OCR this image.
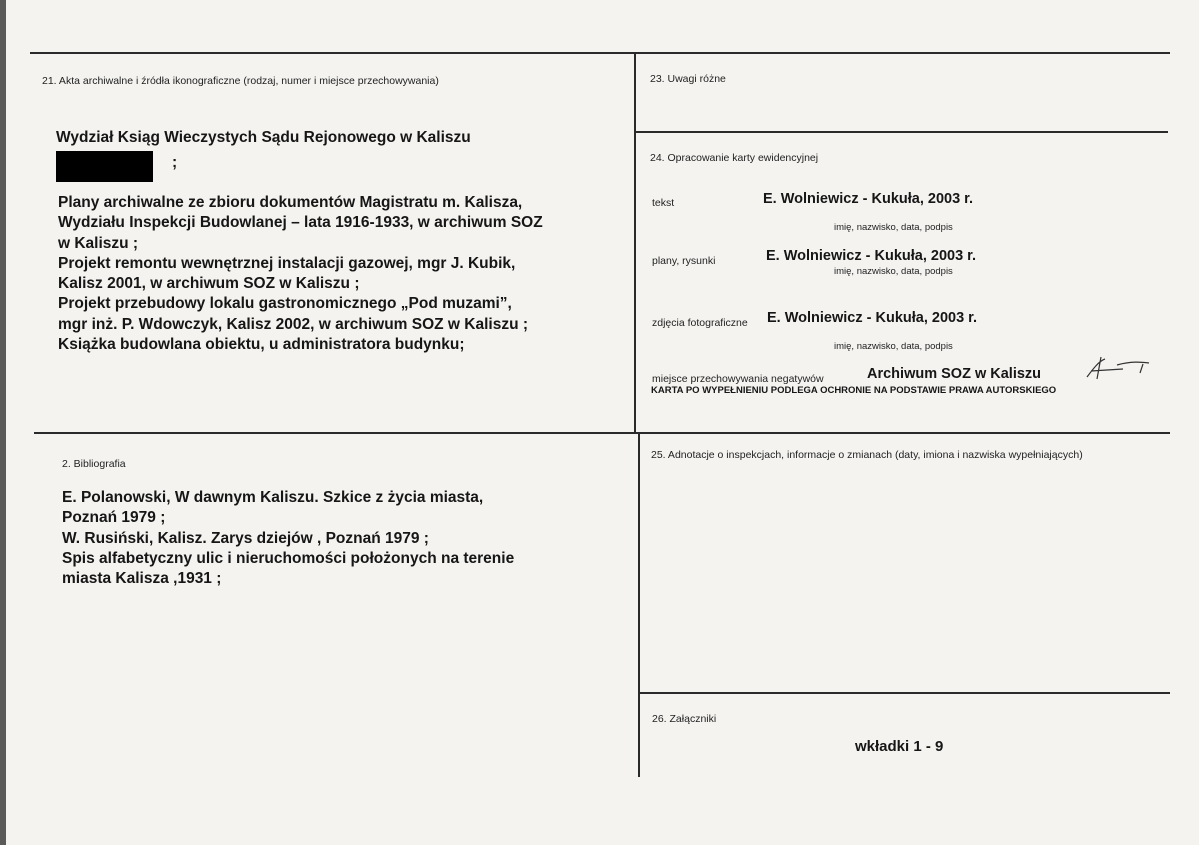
21. Akta archiwalne i źródła ikonograficzne (rodzaj, numer i miejsce przechowywania)
Wydział Ksiąg Wieczystych Sądu Rejonowego w Kaliszu
;
Plany archiwalne ze zbioru dokumentów Magistratu m. Kalisza,
Wydziału Inspekcji Budowlanej – lata 1916-1933, w archiwum SOZ
w Kaliszu ;
Projekt remontu wewnętrznej instalacji gazowej, mgr J. Kubik,
Kalisz 2001, w archiwum SOZ w Kaliszu ;
Projekt przebudowy lokalu gastronomicznego „Pod muzami”,
mgr inż. P. Wdowczyk, Kalisz 2002, w archiwum SOZ w Kaliszu ;
Książka budowlana obiektu, u administratora budynku;
23. Uwagi różne
24. Opracowanie karty ewidencyjnej
tekst	E. Wolniewicz - Kukuła, 2003 r.
imię, nazwisko, data, podpis
plany, rysunki	E. Wolniewicz - Kukuła, 2003 r.
imię, nazwisko, data, podpis
zdjęcia fotograficzne E. Wolniewicz - Kukuła, 2003 r.
imię, nazwisko, data, podpis
miejsce przechowywania negatywów	Archiwum SOZ w Kaliszu
KARTA PO WYPEŁNIENIU PODLEGA OCHRONIE NA PODSTAWIE PRAWA AUTORSKIEGO
2. Bibliografia
E. Polanowski, W dawnym Kaliszu. Szkice z życia miasta,
Poznań 1979 ;
W. Rusiński, Kalisz. Zarys dziejów , Poznań 1979 ;
Spis alfabetyczny ulic i nieruchomości położonych na terenie
miasta Kalisza ,1931 ;
25. Adnotacje o inspekcjach, informacje o zmianach (daty, imiona i nazwiska wypełniających)
26. Załączniki
wkładki 1 - 9
